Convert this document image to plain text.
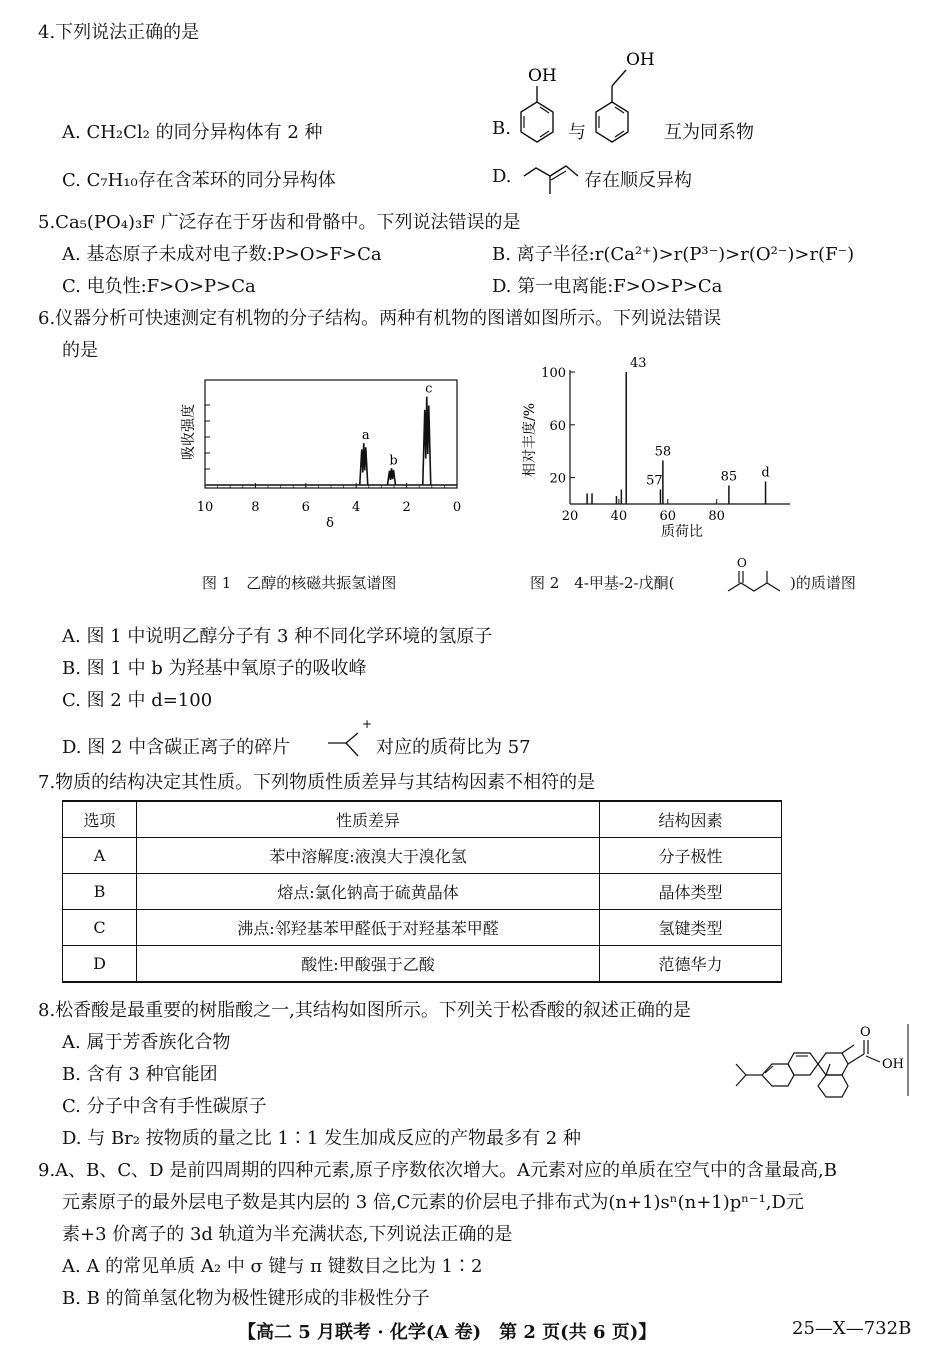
4.下列说法正确的是
OH
OH
A. CH₂Cl₂ 的同分异构体有 2 种	B.	与	互为同系物
C. C₇H₁₀存在含苯环的同分异构体	D.	存在顺反异构
5.Ca₅(PO₄)₃F 广泛存在于牙齿和骨骼中。下列说法错误的是
A. 基态原子未成对电子数:P>O>F>Ca	B. 离子半径:r(Ca²⁺)>r(P³⁻)>r(O²⁻)>r(F⁻)
C. 电负性:F>O>P>Ca	D. 第一电离能:F>O>P>Ca
6.仪器分析可快速测定有机物的分子结构。两种有机物的图谱如图所示。下列说法错误
的是
吸收强度
δ
10	8	6	4	2	0
a
b
c
图 1　乙醇的核磁共振氢谱图
相对丰度/%
质荷比
20
60
100
20 40 60 80
43
57
58
85 d
图 2　4-甲基-2-戊酮(
O
)的质谱图
A. 图 1 中说明乙醇分子有 3 种不同化学环境的氢原子
B. 图 1 中 b 为羟基中氧原子的吸收峰
C. 图 2 中 d=100
D. 图 2 中含碳正离子的碎片
+
对应的质荷比为 57
7.物质的结构决定其性质。下列物质性质差异与其结构因素不相符的是
选项	性质差异	结构因素
A	苯中溶解度:液溴大于溴化氢	分子极性
B	熔点:氯化钠高于硫黄晶体	晶体类型
C	沸点:邻羟基苯甲醛低于对羟基苯甲醛	氢键类型
D	酸性:甲酸强于乙酸	范德华力
8.松香酸是最重要的树脂酸之一,其结构如图所示。下列关于松香酸的叙述正确的是
A. 属于芳香族化合物
B. 含有 3 种官能团
C. 分子中含有手性碳原子
D. 与 Br₂ 按物质的量之比 1∶1 发生加成反应的产物最多有 2 种
O
OH
9.A、B、C、D 是前四周期的四种元素,原子序数依次增大。A元素对应的单质在空气中的含量最高,B
元素原子的最外层电子数是其内层的 3 倍,C元素的价层电子排布式为(n+1)sⁿ(n+1)pⁿ⁻¹,D元
素+3 价离子的 3d 轨道为半充满状态,下列说法正确的是
A. A 的常见单质 A₂ 中 σ 键与 π 键数目之比为 1∶2
B. B 的简单氢化物为极性键形成的非极性分子
【高二 5 月联考 · 化学(A 卷)　第 2 页(共 6 页)】	25—X—732B
